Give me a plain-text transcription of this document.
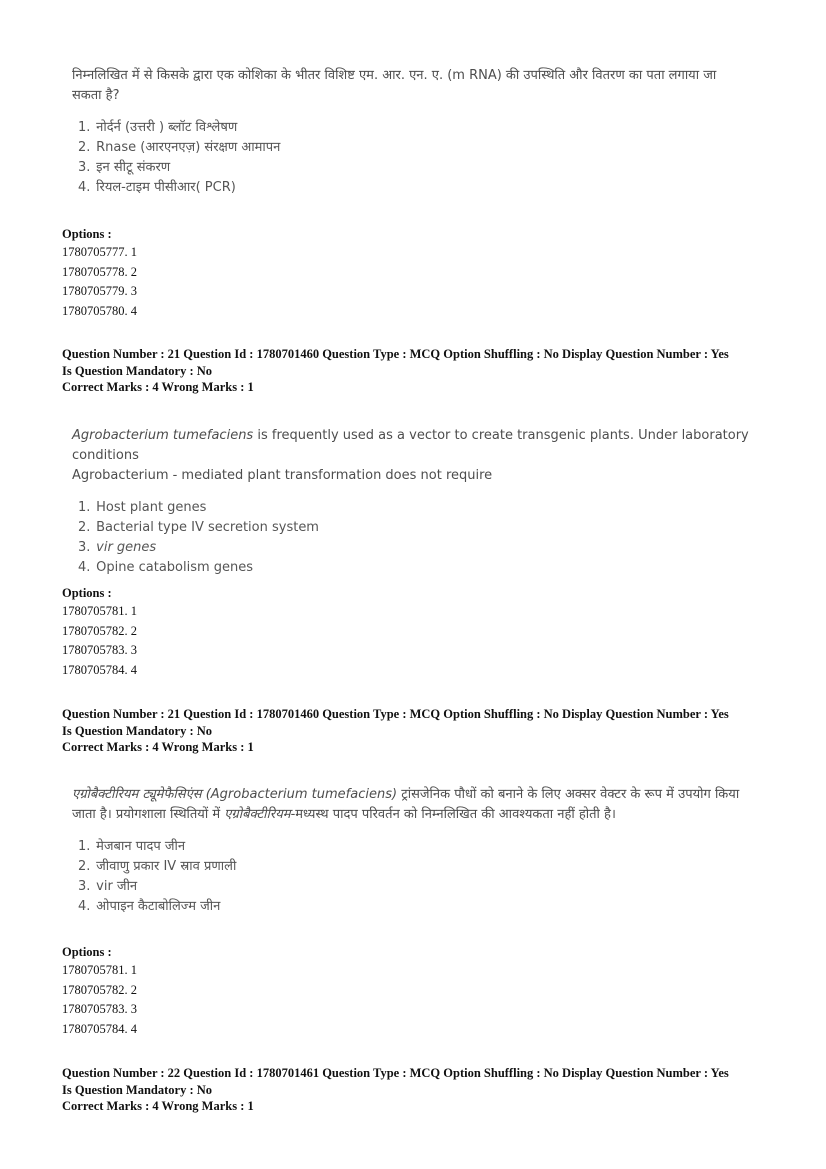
निम्नलिखित में से किसके द्वारा एक कोशिका के भीतर विशिष्ट एम. आर. एन. ए. (m RNA) की उपस्थिति और वितरण का पता लगाया जा
सकता है?
1.
नोर्दर्न (उत्तरी ) ब्लॉट विश्लेषण
2.
Rnase (आरएनएज़) संरक्षण आमापन
3.
इन सीटू संकरण
4.
रियल-टाइम पीसीआर( PCR)
Options :
1780705777. 1
1780705778. 2
1780705779. 3
1780705780. 4
Question Number : 21 Question Id : 1780701460 Question Type : MCQ Option Shuffling : No Display Question Number : Yes
Is Question Mandatory : No
Correct Marks : 4 Wrong Marks : 1
Agrobacterium tumefaciens is frequently used as a vector to create transgenic plants. Under laboratory conditions
Agrobacterium - mediated plant transformation does not require
1.
Host plant genes
2.
Bacterial type IV secretion system
3.
vir genes
4.
Opine catabolism genes
Options :
1780705781. 1
1780705782. 2
1780705783. 3
1780705784. 4
Question Number : 21 Question Id : 1780701460 Question Type : MCQ Option Shuffling : No Display Question Number : Yes
Is Question Mandatory : No
Correct Marks : 4 Wrong Marks : 1
एग्रोबैक्टीरियम ट्यूमेफैसिएंस (Agrobacterium tumefaciens) ट्रांसजेनिक पौधों को बनाने के लिए अक्सर वेक्टर के रूप में उपयोग किया
जाता है। प्रयोगशाला स्थितियों में एग्रोबैक्टीरियम-मध्यस्थ पादप परिवर्तन को निम्नलिखित की आवश्यकता नहीं होती है।
1.
मेजबान पादप जीन
2.
जीवाणु प्रकार IV स्राव प्रणाली
3.
vir जीन
4.
ओपाइन कैटाबोलिज्म जीन
Options :
1780705781. 1
1780705782. 2
1780705783. 3
1780705784. 4
Question Number : 22 Question Id : 1780701461 Question Type : MCQ Option Shuffling : No Display Question Number : Yes
Is Question Mandatory : No
Correct Marks : 4 Wrong Marks : 1
